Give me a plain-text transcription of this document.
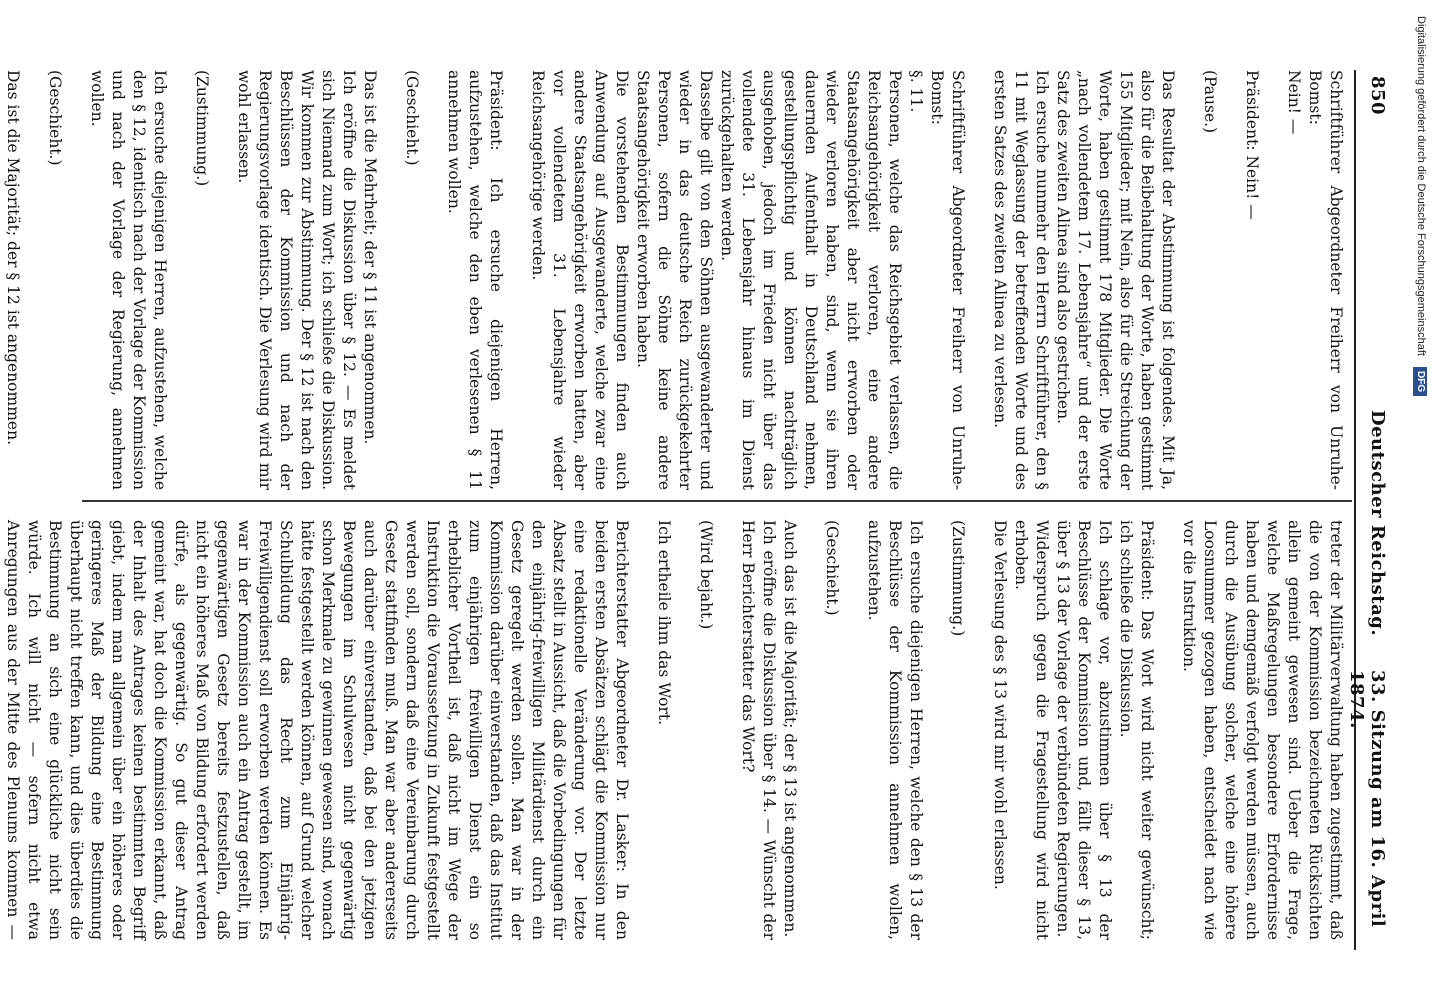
850
Deutscher Reichstag.
33. Sitzung am 16. April 1874.

Schriftführer Abgeordneter Freiherr von Unruhe-Bomst:
Nein! —

Präsident: Nein! —

(Pause.)

Das Resultat der Abstimmung ist folgendes. Mit Ja, also für die Beibehaltung der Worte, haben gestimmt 155 Mitglieder; mit Nein, also für die Streichung der Worte, haben gestimmt 178 Mitglieder. Die Worte „nach vollendetem 17. Lebensjahre“ und der erste Satz des zweiten Alinea sind also gestrichen.
Ich ersuche nunmehr den Herrn Schriftführer, den § 11 mit Weglassung der betreffenden Worte und des ersten Satzes des zweiten Alinea zu verlesen.

Schriftführer Abgeordneter Freiherr von Unruhe-Bomst:
§. 11.
Personen, welche das Reichsgebiet verlassen, die Reichsangehörigkeit verloren, eine andere Staatsangehörigkeit aber nicht erworben oder wieder verloren haben, sind, wenn sie ihren dauernden Aufenthalt in Deutschland nehmen, gestellungspflichtig und können nachträglich ausgehoben, jedoch im Frieden nicht über das vollendete 31. Lebensjahr hinaus im Dienst zurückgehalten werden.
Dasselbe gilt von den Söhnen ausgewanderter und wieder in das deutsche Reich zurückgekehrter Personen, sofern die Söhne keine andere Staatsangehörigkeit erworben haben.
Die vorstehenden Bestimmungen finden auch Anwendung auf Ausgewanderte, welche zwar eine andere Staatsangehörigkeit erworben hatten, aber vor vollendetem 31. Lebensjahre wieder Reichsangehörige werden.

Präsident: Ich ersuche diejenigen Herren, aufzustehen, welche den eben verlesenen § 11 annehmen wollen.

(Geschieht.)

Das ist die Mehrheit; der § 11 ist angenommen.
Ich eröffne die Diskussion über § 12. — Es meldet sich Niemand zum Wort; ich schließe die Diskussion. Wir kommen zur Abstimmung. Der § 12 ist nach den Beschlüssen der Kommission und nach der Regierungsvorlage identisch. Die Verlesung wird mir wohl erlassen.

(Zustimmung.)

Ich ersuche diejenigen Herren, aufzustehen, welche den § 12, identisch nach der Vorlage der Kommission und nach der Vorlage der Regierung, annehmen wollen.

(Geschieht.)

Das ist die Majorität; der § 12 ist angenommen.

treter der Militärverwaltung haben zugestimmt, daß die von der Kommission bezeichneten Rücksichten allein gemeint gewesen sind. Ueber die Frage, welche Maßregelungen besondere Erfordernisse haben und demgemäß verfolgt werden müssen, auch durch die Ausübung solcher, welche eine höhere Loosnummer gezogen haben, entscheidet nach wie vor die Instruktion.

Präsident: Das Wort wird nicht weiter gewünscht; ich schließe die Diskussion.
Ich schlage vor, abzustimmen über § 13 der Beschlüsse der Kommission und, fällt dieser § 13, über § 13 der Vorlage der verbündeten Regierungen.
Widerspruch gegen die Fragestellung wird nicht erhoben.
Die Verlesung des § 13 wird mir wohl erlassen.

(Zustimmung.)

Ich ersuche diejenigen Herren, welche den § 13 der Beschlüsse der Kommission annehmen wollen, aufzustehen.

(Geschieht.)

Auch das ist die Majorität; der § 13 ist angenommen.
Ich eröffne die Diskussion über § 14. — Wünscht der Herr Berichterstatter das Wort?

(Wird bejaht.)

Ich ertheile ihm das Wort.

Berichterstatter Abgeordneter Dr. Lasker: In den beiden ersten Absätzen schlägt die Kommission nur eine redaktionelle Veränderung vor. Der letzte Absatz stellt in Aussicht, daß die Vorbedingungen für den einjährig-freiwilligen Militärdienst durch ein Gesetz geregelt werden sollen. Man war in der Kommission darüber einverstanden, daß das Institut zum einjährigen freiwilligen Dienst ein so erheblicher Vortheil ist, daß nicht im Wege der Instruktion die Voraussetzung in Zukunft festgestellt werden soll, sondern daß eine Vereinbarung durch Gesetz stattfinden muß. Man war aber andererseits auch darüber einverstanden, daß bei den jetzigen Bewegungen im Schulwesen nicht gegenwärtig schon Merkmale zu gewinnen gewesen sind, wonach hätte festgestellt werden können, auf Grund welcher Schulbildung das Recht zum Einjährig-Freiwilligendienst soll erworben werden können. Es war in der Kommission auch ein Antrag gestellt, im gegenwärtigen Gesetz bereits festzustellen, daß nicht ein höheres Maß von Bildung erfordert werden dürfe, als gegenwärtig. So gut dieser Antrag gemeint war, hat doch die Kommission erkannt, daß der Inhalt des Antrages keinen bestimmten Begriff giebt, indem man allgemein über ein höheres oder geringeres Maß der Bildung eine Bestimmung überhaupt nicht treffen kann, und dies überdies die Bestimmung an sich eine glückliche nicht sein würde. Ich will nicht — sofern nicht etwa Anregungen aus der Mitte des Plenums kommen —

Digitalisierung gefördert durch die Deutsche Forschungsgemeinschaft DFG
